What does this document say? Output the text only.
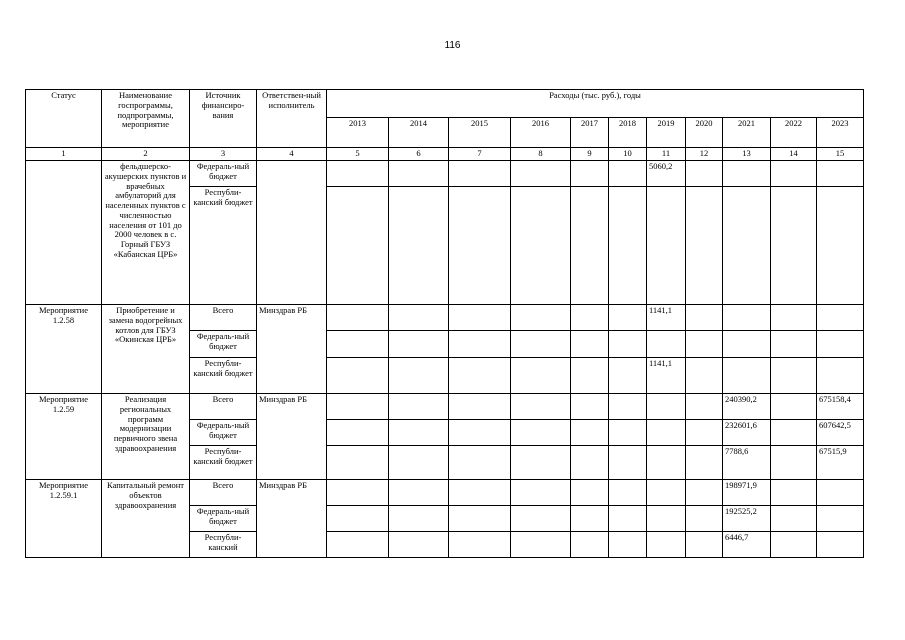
116
Статус	Наименование госпрограммы, подпрограммы, мероприятие	Источник финансиро-вания	Ответствен-ный исполнитель	Расходы (тыс. руб.), годы										
				2013	2014	2015	2016	2017	2018	2019	2020	2021	2022	2023
1	2	3	4	5	6	7	8	9	10	11	12	13	14	15
	фельдшерско-акушерских пунктов и врачебных амбулаторий для населенных пунктов с численностью населения от 101 до 2000 человек в с. Горный ГБУЗ «Кабанская ЦРБ»	Федераль-ный бюджет								5060,2				
		Республи-канский бюджет												
Мероприятие 1.2.58	Приобретение и замена водогрейных котлов для ГБУЗ «Окинская ЦРБ»	Всего	Минздрав РБ							1141,1				
		Федераль-ный бюджет												
		Республи-канский бюджет								1141,1				
Мероприятие 1.2.59	Реализация региональных программ модернизации первичного звена здравоохранения	Всего	Минздрав РБ									240390,2		675158,4
		Федераль-ный бюджет										232601,6		607642,5
		Республи-канский бюджет										7788,6		67515,9
Мероприятие 1.2.59.1	Капитальный ремонт объектов здравоохранения	Всего	Минздрав РБ									198971,9		
		Федераль-ный бюджет										192525,2		
		Республи-канский										6446,7		
